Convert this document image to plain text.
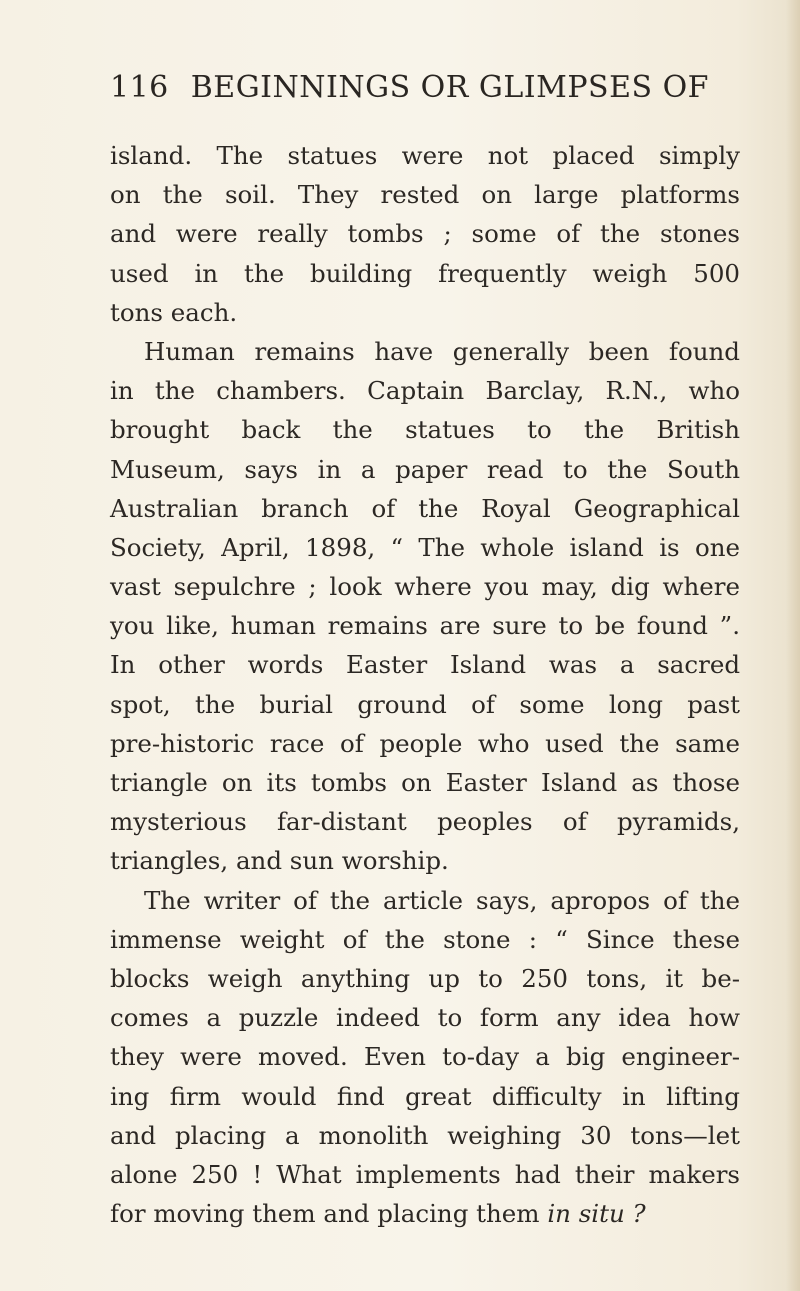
116 BEGINNINGS OR GLIMPSES OF
island. The statues were not placed simply
on the soil. They rested on large platforms
and were really tombs ; some of the stones
used in the building frequently weigh 500
tons each.
Human remains have generally been found
in the chambers. Captain Barclay, R.N., who
brought back the statues to the British
Museum, says in a paper read to the South
Australian branch of the Royal Geographical
Society, April, 1898, “ The whole island is one
vast sepulchre ; look where you may, dig where
you like, human remains are sure to be found ”.
In other words Easter Island was a sacred
spot, the burial ground of some long past
pre-historic race of people who used the same
triangle on its tombs on Easter Island as those
mysterious far-distant peoples of pyramids,
triangles, and sun worship.
The writer of the article says, apropos of the
immense weight of the stone : “ Since these
blocks weigh anything up to 250 tons, it be-
comes a puzzle indeed to form any idea how
they were moved. Even to-day a big engineer-
ing firm would find great difficulty in lifting
and placing a monolith weighing 30 tons—let
alone 250 ! What implements had their makers
for moving them and placing them in situ ?
